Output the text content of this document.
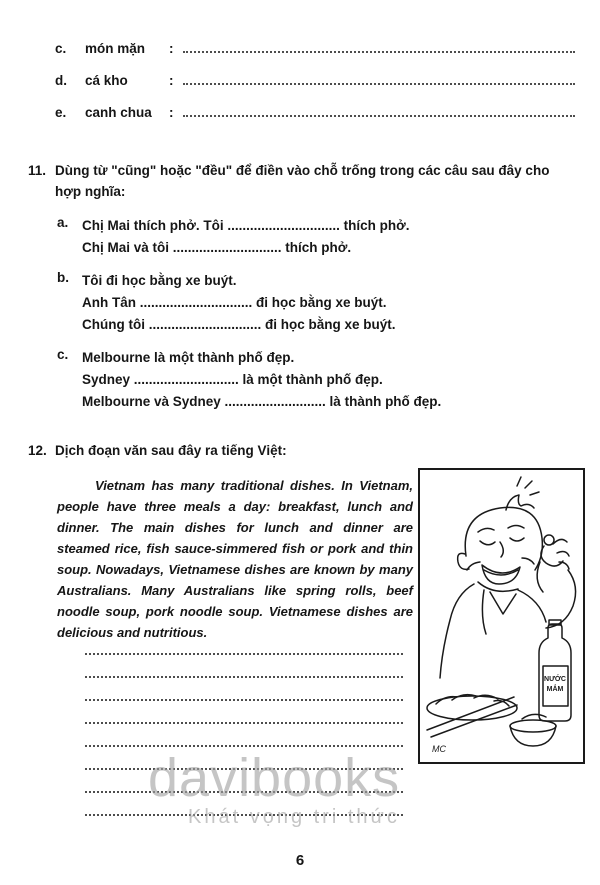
c.	món mặn	:
d.	cá kho	:
e.	canh chua	:
11. Dùng từ "cũng" hoặc "đều" để điền vào chỗ trống trong các câu sau đây cho hợp nghĩa:
a.	Chị Mai thích phở. Tôi .............................. thích phở.
Chị Mai và tôi ............................. thích phở.
b. Tôi đi học bằng xe buýt.
Anh Tân .............................. đi học bằng xe buýt.
Chúng tôi .............................. đi học bằng xe buýt.
c.	Melbourne là một thành phố đẹp.
Sydney ............................ là một thành phố đẹp.
Melbourne và Sydney ........................... là thành phố đẹp.
12. Dịch đoạn văn sau đây ra tiếng Việt:
Vietnam has many traditional dishes. In Vietnam, people have three meals a day: breakfast, lunch and dinner. The main dishes for lunch and dinner are steamed rice, fish sauce-simmered fish or pork and thin soup. Nowadays, Vietnamese dishes are known by many Australians. Many Australians like spring rolls, beef noodle soup, pork noodle soup. Vietnamese dishes are delicious and nutritious.
NƯỚC
MẮM
MC
davibooks
Khát vọng tri thức
6
